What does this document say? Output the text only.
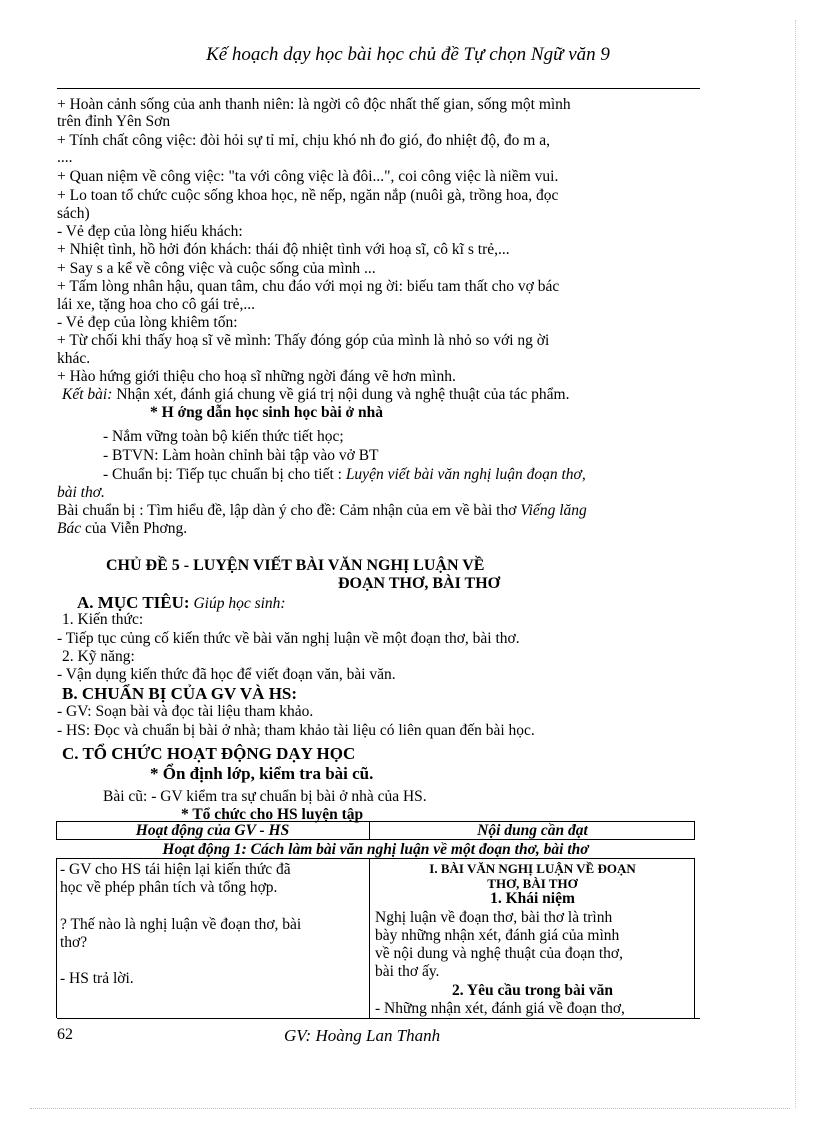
Kế hoạch dạy học bài học chủ đề Tự chọn Ngữ văn 9
+ Hoàn cảnh sống của anh thanh niên: là ngời cô độc nhất thế gian, sống một mình
trên đỉnh Yên Sơn
+ Tính chất công việc: đòi hỏi sự tỉ mỉ, chịu khó nh đo gió, đo nhiệt độ, đo m a,
....
+ Quan niệm về công việc: "ta với công việc là đôi...", coi công việc là niềm vui.
+ Lo toan tổ chức cuộc sống khoa học, nề nếp, ngăn nắp (nuôi gà, trồng hoa, đọc
sách)
- Vẻ đẹp của lòng hiếu khách:
+ Nhiệt tình, hồ hởi đón khách: thái độ nhiệt tình với hoạ sĩ, cô kĩ s trẻ,...
+ Say s a kể về công việc và cuộc sống của mình ...
+ Tấm lòng nhân hậu, quan tâm, chu đáo với mọi ng ời: biếu tam thất cho vợ bác
lái xe, tặng hoa cho cô gái trẻ,...
- Vẻ đẹp của lòng khiêm tốn:
+ Từ chối khi thấy hoạ sĩ vẽ mình: Thấy đóng góp của mình là nhỏ so với ng ời
khác.
+ Hào hứng giới thiệu cho hoạ sĩ những ngời đáng vẽ hơn mình.
Kết bài: Nhận xét, đánh giá chung về giá trị nội dung và nghệ thuật của tác phẩm.
* H ớng dẫn học sinh học bài ở nhà
- Nắm vững toàn bộ kiến thức tiết học;
- BTVN: Làm hoàn chỉnh bài tập vào vở BT
- Chuẩn bị: Tiếp tục chuẩn bị cho tiết : Luyện viết bài văn nghị luận đoạn thơ,
bài thơ.
Bài chuẩn bị : Tìm hiểu đề, lập dàn ý cho đề: Cảm nhận của em về bài thơ Viếng lăng
Bác của Viễn Phơng.
CHỦ ĐỀ 5 - LUYỆN VIẾT BÀI VĂN NGHỊ LUẬN VỀ
ĐOẠN THƠ, BÀI THƠ
A. MỤC TIÊU: Giúp học sinh:
1. Kiến thức:
- Tiếp tục củng cố kiến thức về bài văn nghị luận về một đoạn thơ, bài thơ.
2. Kỹ năng:
- Vận dụng kiến thức đã học để viết đoạn văn, bài văn.
B. CHUẨN BỊ CỦA GV VÀ HS:
- GV: Soạn bài và đọc tài liệu tham khảo.
- HS: Đọc và chuẩn bị bài ở nhà; tham khảo tài liệu có liên quan đến bài học.
C. TỔ CHỨC HOẠT ĐỘNG DẠY HỌC
* Ổn định lớp, kiểm tra bài cũ.
Bài cũ: - GV kiểm tra sự chuẩn bị bài ở nhà của HS.
* Tổ chức cho HS luyện tập
Hoạt động của GV - HS	Nội dung cần đạt
Hoạt động 1: Cách làm bài văn nghị luận về một đoạn thơ, bài thơ
- GV cho HS tái hiện lại kiến thức đã
học về phép phân tích và tổng hợp.
? Thế nào là nghị luận về đoạn thơ, bài
thơ?
- HS trả lời.
I. BÀI VĂN NGHỊ LUẬN VỀ ĐOẠN
THƠ, BÀI THƠ
1. Khái niệm
Nghị luận về đoạn thơ, bài thơ là trình
bày những nhận xét, đánh giá của mình
về nội dung và nghệ thuật của đoạn thơ,
bài thơ ấy.
2. Yêu cầu trong bài văn
- Những nhận xét, đánh giá về đoạn thơ,
62	GV: Hoàng Lan Thanh
